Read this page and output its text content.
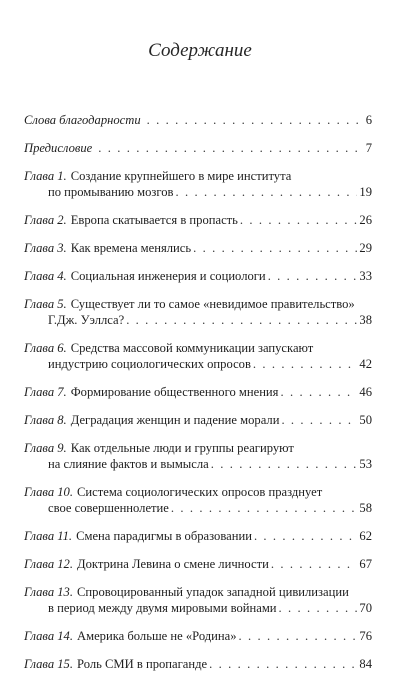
Содержание
Слова благодарности . . .	6
Предисловие . . .	7
Глава 1. Создание крупнейшего в мире института
по промыванию мозгов . . .	19
Глава 2. Европа скатывается в пропасть . . .	26
Глава 3. Как времена менялись . . .	29
Глава 4. Социальная инженерия и социологи . . .	33
Глава 5. Существует ли то самое «невидимое правительство»
Г.Дж. Уэллса? . . .	38
Глава 6. Средства массовой коммуникации запускают
индустрию социологических опросов . . .	42
Глава 7. Формирование общественного мнения . . .	46
Глава 8. Деградация женщин и падение морали . . .	50
Глава 9. Как отдельные люди и группы реагируют
на слияние фактов и вымысла . . .	53
Глава 10. Система социологических опросов празднует
свое совершеннолетие . . .	58
Глава 11. Смена парадигмы в образовании . . .	62
Глава 12. Доктрина Левина о смене личности . . .	67
Глава 13. Спровоцированный упадок западной цивилизации
в период между двумя мировыми войнами . . .	70
Глава 14. Америка больше не «Родина» . . .	76
Глава 15. Роль СМИ в пропаганде . . .	84
